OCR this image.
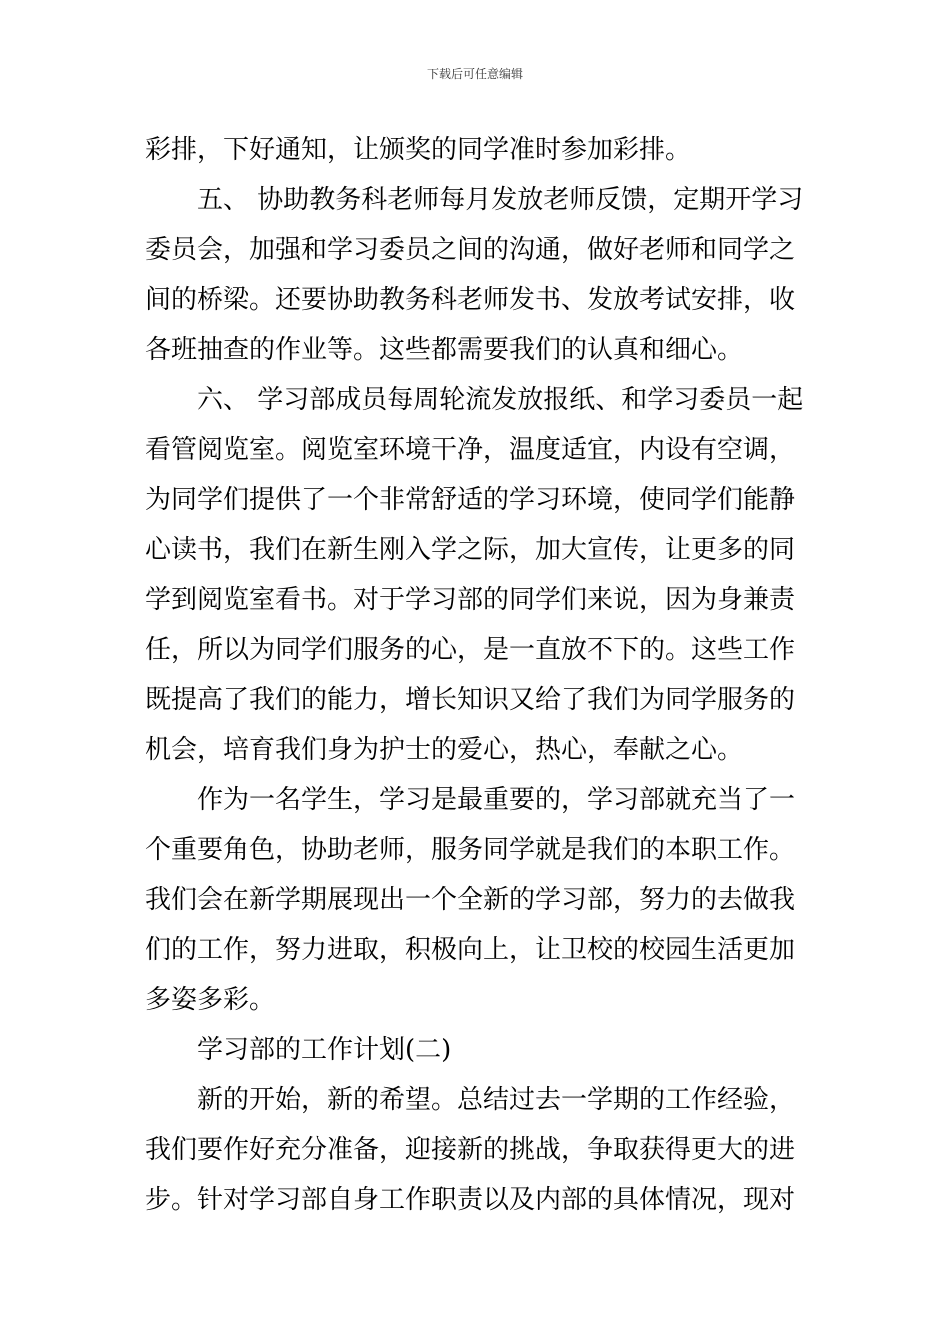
下载后可任意编辑
彩排，下好通知，让颁奖的同学准时参加彩排。
五、 协助教务科老师每月发放老师反馈，定期开学习
委员会，加强和学习委员之间的沟通，做好老师和同学之
间的桥梁。还要协助教务科老师发书、发放考试安排，收
各班抽查的作业等。这些都需要我们的认真和细心。
六、 学习部成员每周轮流发放报纸、和学习委员一起
看管阅览室。阅览室环境干净，温度适宜，内设有空调，
为同学们提供了一个非常舒适的学习环境，使同学们能静
心读书，我们在新生刚入学之际，加大宣传，让更多的同
学到阅览室看书。对于学习部的同学们来说，因为身兼责
任，所以为同学们服务的心，是一直放不下的。这些工作
既提高了我们的能力，增长知识又给了我们为同学服务的
机会，培育我们身为护士的爱心，热心，奉献之心。
作为一名学生，学习是最重要的，学习部就充当了一
个重要角色，协助老师，服务同学就是我们的本职工作。
我们会在新学期展现出一个全新的学习部，努力的去做我
们的工作，努力进取，积极向上，让卫校的校园生活更加
多姿多彩。
学习部的工作计划(二)
新的开始，新的希望。总结过去一学期的工作经验，
我们要作好充分准备，迎接新的挑战，争取获得更大的进
步。针对学习部自身工作职责以及内部的具体情况，现对
